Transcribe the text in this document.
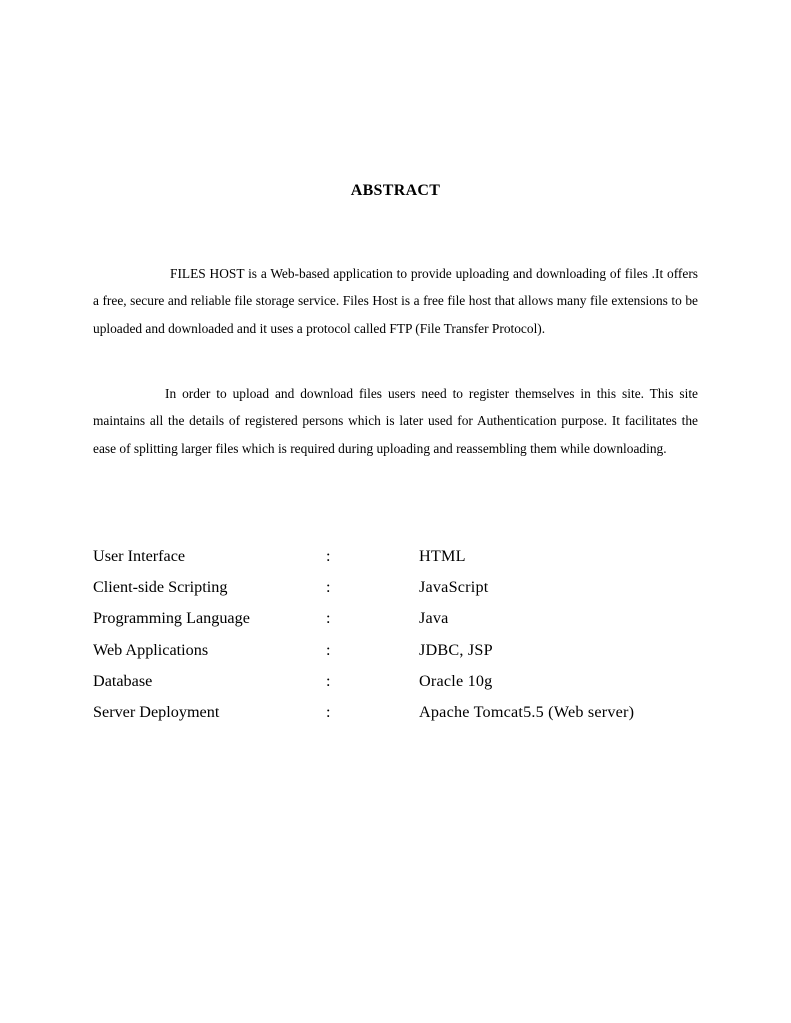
ABSTRACT

FILES HOST is a Web-based application to provide uploading and downloading of files .It offers a free, secure and reliable file storage service. Files Host is a free file host that allows many file extensions to be uploaded and downloaded and it uses a protocol called FTP (File Transfer Protocol).

In order to upload and download files users need to register themselves in this site. This site maintains all the details of registered persons which is later used for Authentication purpose. It facilitates the ease of splitting larger files which is required during uploading and reassembling them while downloading.

User Interface	:	HTML
Client-side Scripting	:	JavaScript
Programming Language	:	Java
Web Applications	:	JDBC, JSP
Database	:	Oracle 10g
Server Deployment	:	Apache Tomcat5.5 (Web server)
